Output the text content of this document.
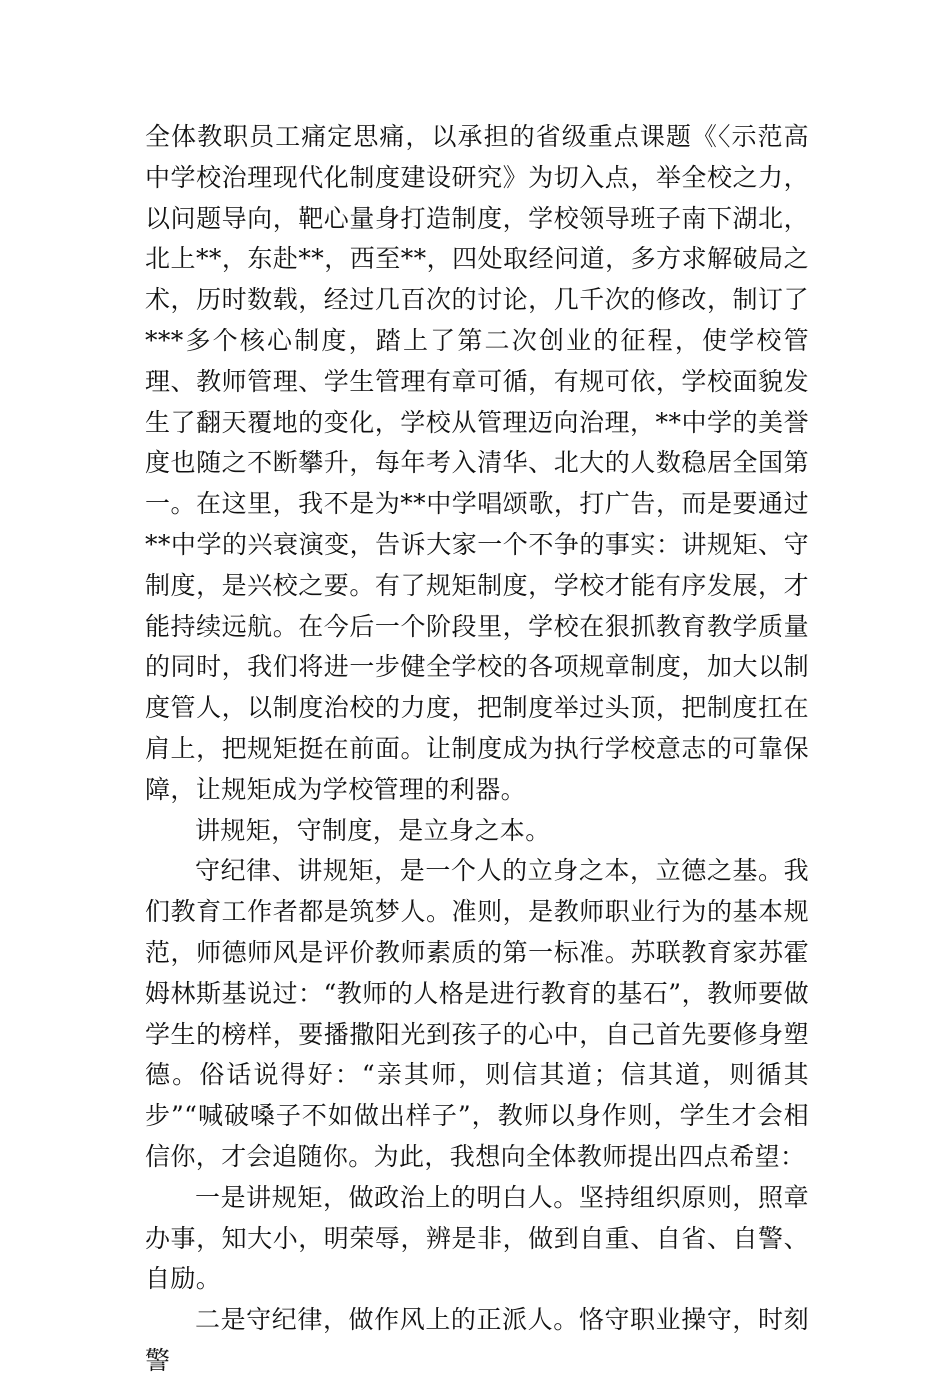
全体教职员工痛定思痛，以承担的省级重点课题《〈示范高中学校治理现代化制度建设研究》为切入点，举全校之力，以问题导向，靶心量身打造制度，学校领导班子南下湖北，北上**，东赴**，西至**，四处取经问道，多方求解破局之术，历时数载，经过几百次的讨论，几千次的修改，制订了***多个核心制度，踏上了第二次创业的征程，使学校管理、教师管理、学生管理有章可循，有规可依，学校面貌发生了翻天覆地的变化，学校从管理迈向治理，**中学的美誉度也随之不断攀升，每年考入清华、北大的人数稳居全国第一。在这里，我不是为**中学唱颂歌，打广告，而是要通过**中学的兴衰演变，告诉大家一个不争的事实：讲规矩、守制度，是兴校之要。有了规矩制度，学校才能有序发展，才能持续远航。在今后一个阶段里，学校在狠抓教育教学质量的同时，我们将进一步健全学校的各项规章制度，加大以制度管人，以制度治校的力度，把制度举过头顶，把制度扛在肩上，把规矩挺在前面。让制度成为执行学校意志的可靠保障，让规矩成为学校管理的利器。

讲规矩，守制度，是立身之本。

守纪律、讲规矩，是一个人的立身之本，立德之基。我们教育工作者都是筑梦人。准则，是教师职业行为的基本规范，师德师风是评价教师素质的第一标准。苏联教育家苏霍姆林斯基说过：“教师的人格是进行教育的基石”，教师要做学生的榜样，要播撒阳光到孩子的心中，自己首先要修身塑德。俗话说得好：“亲其师，则信其道；信其道，则循其步”“喊破嗓子不如做出样子”，教师以身作则，学生才会相信你，才会追随你。为此，我想向全体教师提出四点希望：

一是讲规矩，做政治上的明白人。坚持组织原则，照章办事，知大小，明荣辱，辨是非，做到自重、自省、自警、自励。

二是守纪律，做作风上的正派人。恪守职业操守，时刻警
